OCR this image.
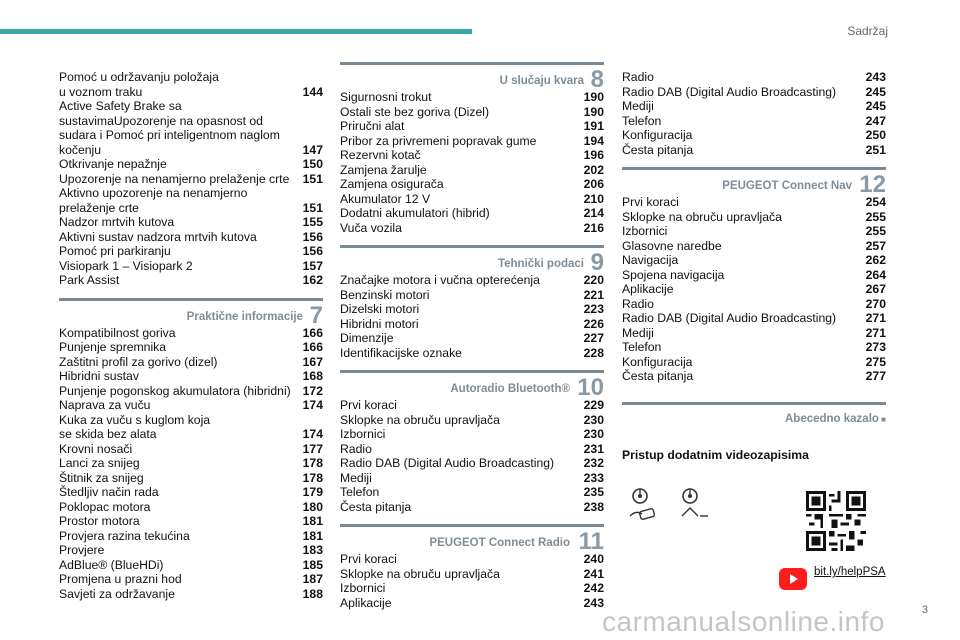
Sadržaj
Pomoć u održavanju položaja
u voznom traku	144
Active Safety Brake sa sustavimaUpozorenje na opasnost od sudara i Pomoć pri inteligentnom naglom kočenju	147
Otkrivanje nepažnje	150
Upozorenje na nenamjerno prelaženje crte	151
Aktivno upozorenje na nenamjerno prelaženje crte	151
Nadzor mrtvih kutova	155
Aktivni sustav nadzora mrtvih kutova	156
Pomoć pri parkiranju	156
Visiopark 1 – Visiopark 2	157
Park Assist	162
Praktične informacije 7
Kompatibilnost goriva	166
Punjenje spremnika	166
Zaštitni profil za gorivo (dizel)	167
Hibridni sustav	168
Punjenje pogonskog akumulatora (hibridni) 172
Naprava za vuču	174
Kuka za vuču s kuglom koja
se skida bez alata	174
Krovni nosači	177
Lanci za snijeg	178
Štitnik za snijeg	178
Štedljiv način rada	179
Poklopac motora	180
Prostor motora	181
Provjera razina tekućina	181
Provjere	183
AdBlue® (BlueHDi)	185
Promjena u prazni hod	187
Savjeti za održavanje	188
U slučaju kvara 8
Sigurnosni trokut	190
Ostali ste bez goriva (Dizel)	190
Priručni alat	191
Pribor za privremeni popravak gume	194
Rezervni kotač	196
Zamjena žarulje	202
Zamjena osigurača	206
Akumulator 12 V	210
Dodatni akumulatori (hibrid)	214
Vuča vozila	216
Tehnički podaci 9
Značajke motora i vučna opterećenja	220
Benzinski motori	221
Dizelski motori	223
Hibridni motori	226
Dimenzije	227
Identifikacijske oznake	228
Autoradio Bluetooth® 10
Prvi koraci	229
Sklopke na obruču upravljača	230
Izbornici	230
Radio	231
Radio DAB (Digital Audio Broadcasting)	232
Mediji	233
Telefon	235
Česta pitanja	238
PEUGEOT Connect Radio 11
Prvi koraci	240
Sklopke na obruču upravljača	241
Izbornici	242
Aplikacije	243
Radio	243
Radio DAB (Digital Audio Broadcasting)	245
Mediji	245
Telefon	247
Konfiguracija	250
Česta pitanja	251
PEUGEOT Connect Nav 12
Prvi koraci	254
Sklopke na obruču upravljača	255
Izbornici	255
Glasovne naredbe	257
Navigacija	262
Spojena navigacija	264
Aplikacije	267
Radio	270
Radio DAB (Digital Audio Broadcasting)	271
Mediji	271
Telefon	273
Konfiguracija	275
Česta pitanja	277
Abecedno kazalo ■
Pristup dodatnim videozapisima
bit.ly/helpPSA
carmanualsonline.info	3
